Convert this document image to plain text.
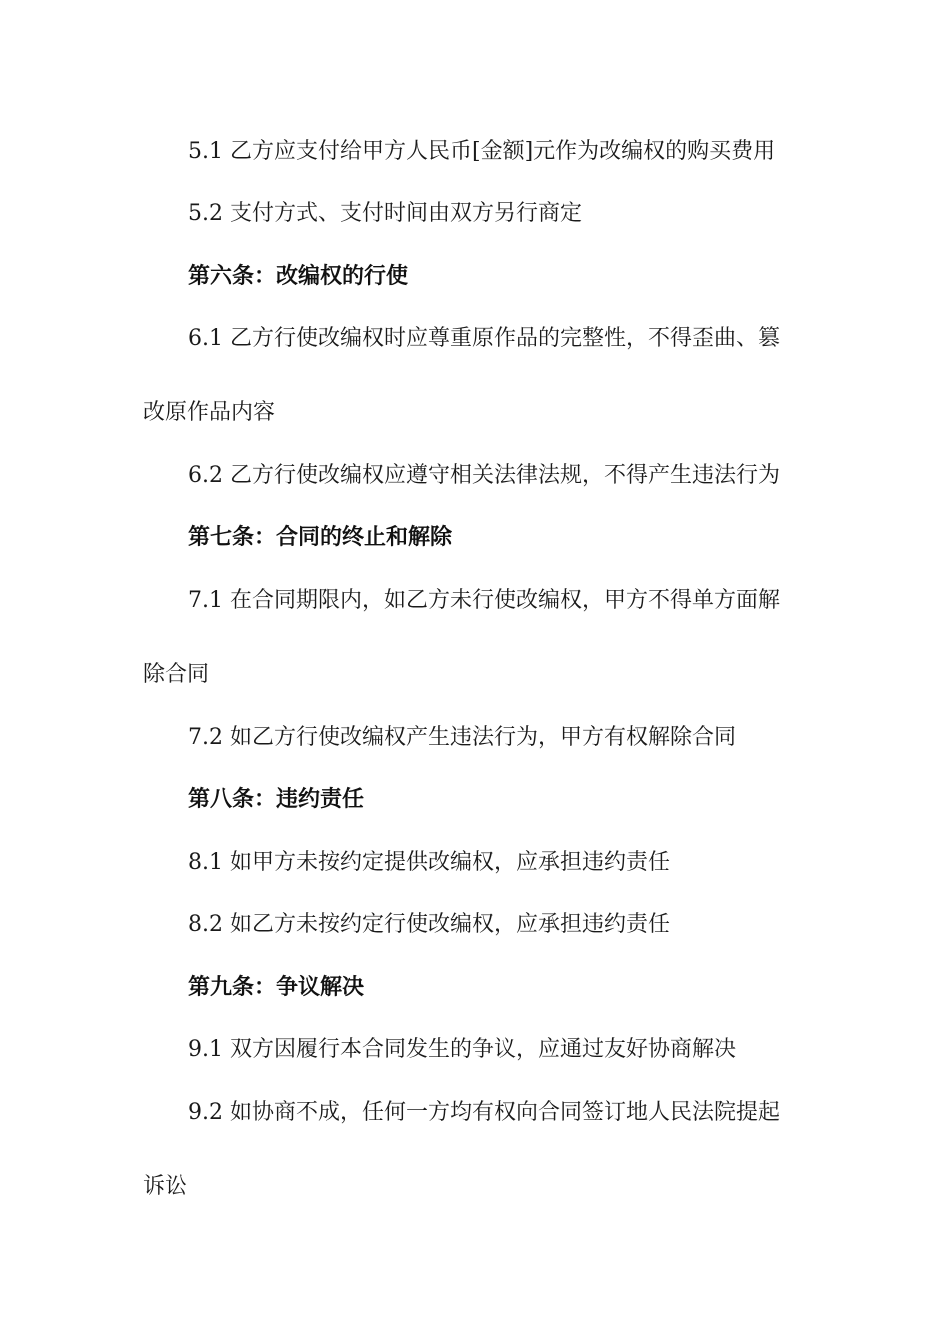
5.1 乙方应支付给甲方人民币[金额]元作为改编权的购买费用
5.2 支付方式、支付时间由双方另行商定
第六条：改编权的行使
6.1 乙方行使改编权时应尊重原作品的完整性，不得歪曲、篡
改原作品内容
6.2 乙方行使改编权应遵守相关法律法规，不得产生违法行为
第七条：合同的终止和解除
7.1 在合同期限内，如乙方未行使改编权，甲方不得单方面解
除合同
7.2 如乙方行使改编权产生违法行为，甲方有权解除合同
第八条：违约责任
8.1 如甲方未按约定提供改编权，应承担违约责任
8.2 如乙方未按约定行使改编权，应承担违约责任
第九条：争议解决
9.1 双方因履行本合同发生的争议，应通过友好协商解决
9.2 如协商不成，任何一方均有权向合同签订地人民法院提起
诉讼
